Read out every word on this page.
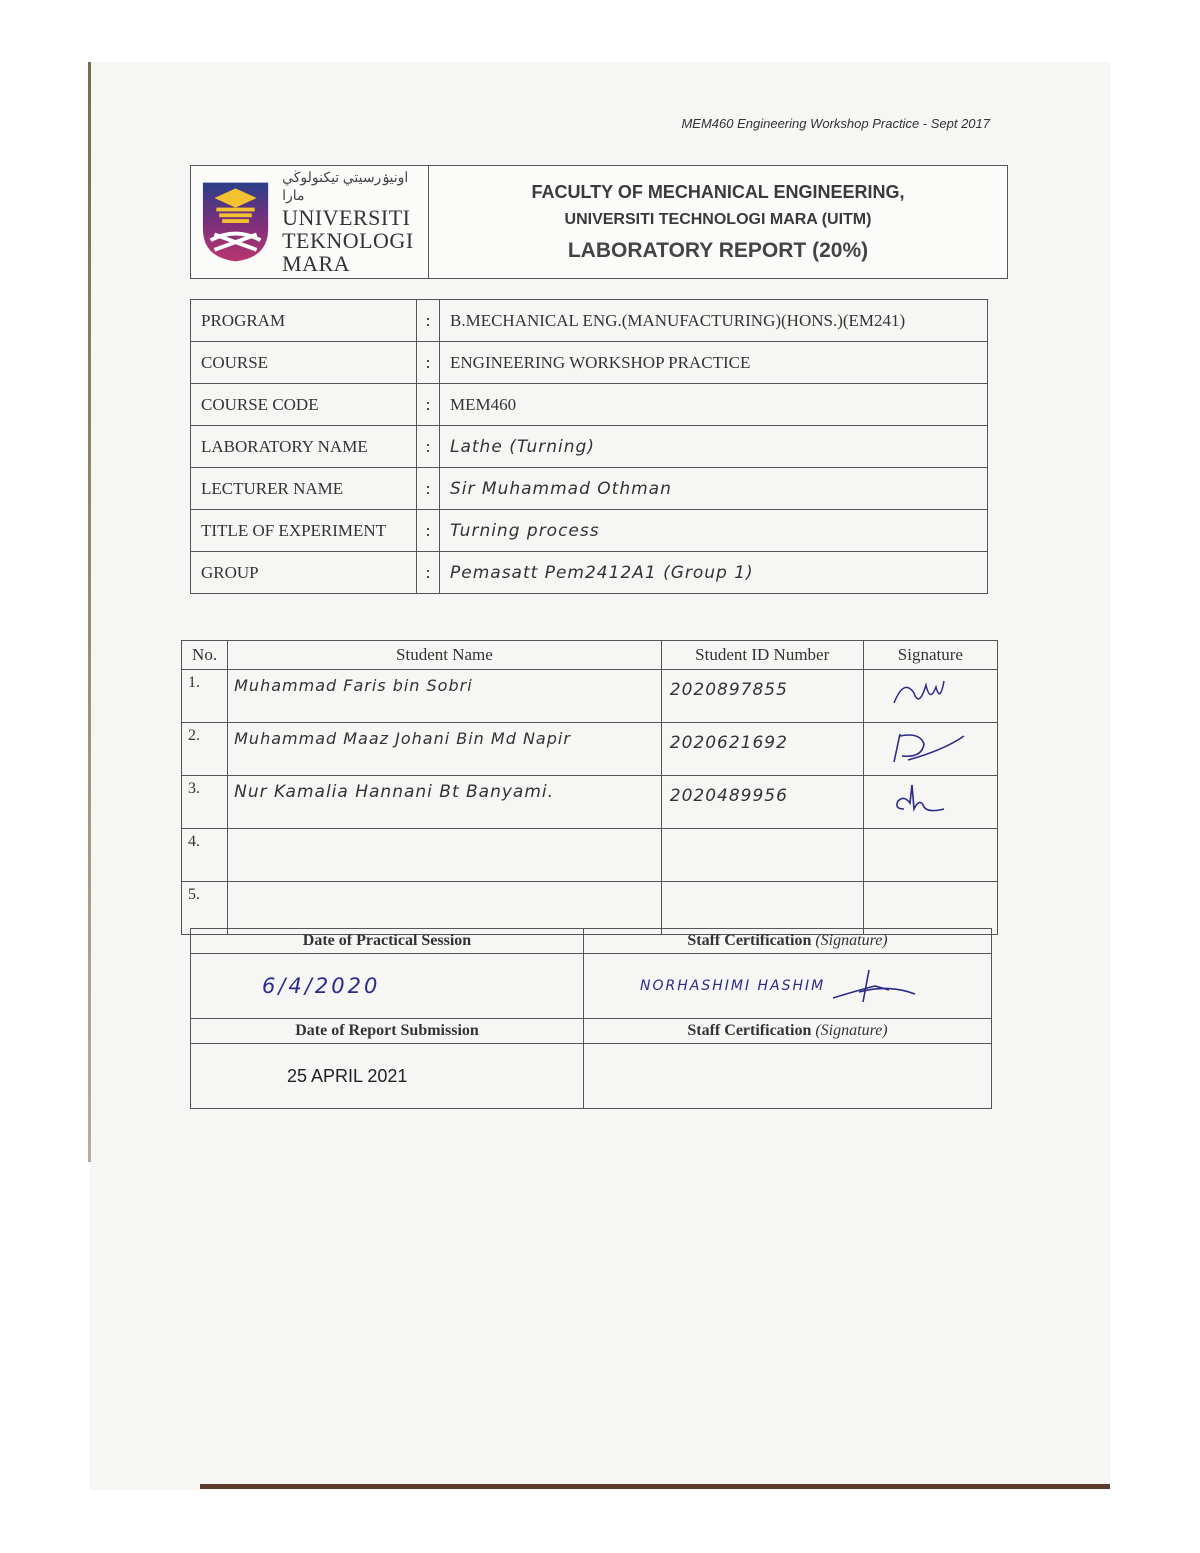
MEM460 Engineering Workshop Practice - Sept 2017
اونيۏرسيتي تيكنولوڬي مارا
UNIVERSITI
TEKNOLOGI
MARA
FACULTY OF MECHANICAL ENGINEERING,
UNIVERSITI TECHNOLOGI MARA (UITM)
LABORATORY REPORT (20%)
PROGRAM	:	B.MECHANICAL ENG.(MANUFACTURING)(HONS.)(EM241)
COURSE	:	ENGINEERING WORKSHOP PRACTICE
COURSE CODE	:	MEM460
LABORATORY NAME	:	Lathe (Turning)
LECTURER NAME	:	Sir Muhammad Othman
TITLE OF EXPERIMENT	:	Turning process
GROUP	:	Pemasatt Pem2412A1 (Group 1)
No.	Student Name	Student ID Number	Signature
1.	Muhammad Faris bin Sobri	2020897855	
2.	Muhammad Maaz Johani Bin Md Napir	2020621692	
3.	Nur Kamalia Hannani Bt Banyami.	2020489956	
4.			
5.			
Date of Practical Session	Staff Certification (Signature)
6/4/2020	NORHASHIMI HASHIM
Date of Report Submission	Staff Certification (Signature)
25 APRIL 2021	
